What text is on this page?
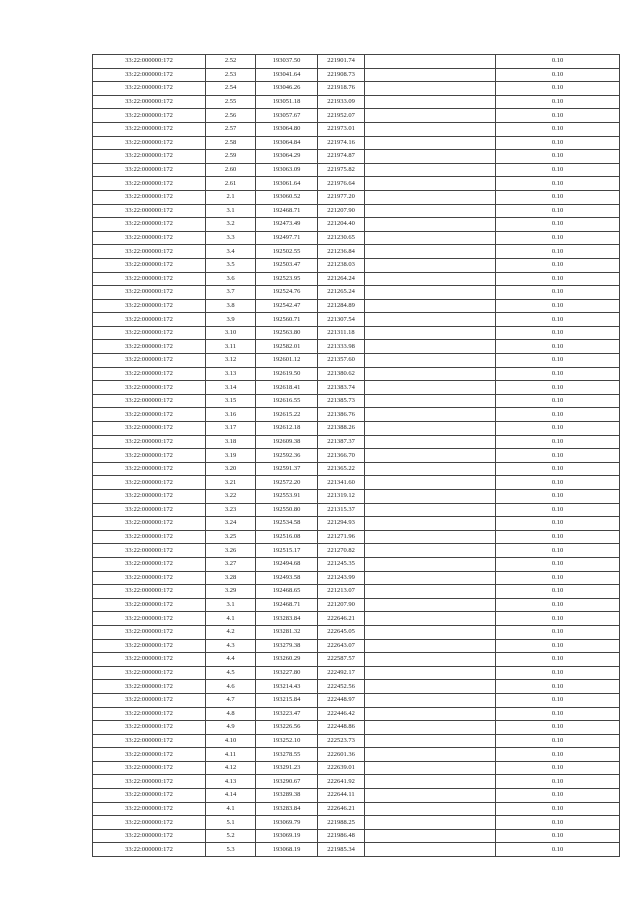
33:22:000000:172	2.52	193037.50	221901.74		0.10
33:22:000000:172	2.53	193041.64	221908.73		0.10
33:22:000000:172	2.54	193046.26	221918.76		0.10
33:22:000000:172	2.55	193051.18	221933.09		0.10
33:22:000000:172	2.56	193057.67	221952.07		0.10
33:22:000000:172	2.57	193064.80	221973.01		0.10
33:22:000000:172	2.58	193064.84	221974.16		0.10
33:22:000000:172	2.59	193064.29	221974.87		0.10
33:22:000000:172	2.60	193063.09	221975.82		0.10
33:22:000000:172	2.61	193061.64	221976.64		0.10
33:22:000000:172	2.1	193060.52	221977.20		0.10
33:22:000000:172	3.1	192468.71	221207.90		0.10
33:22:000000:172	3.2	192473.49	221204.40		0.10
33:22:000000:172	3.3	192497.71	221230.65		0.10
33:22:000000:172	3.4	192502.55	221236.84		0.10
33:22:000000:172	3.5	192503.47	221238.03		0.10
33:22:000000:172	3.6	192523.95	221264.24		0.10
33:22:000000:172	3.7	192524.76	221265.24		0.10
33:22:000000:172	3.8	192542.47	221284.89		0.10
33:22:000000:172	3.9	192560.71	221307.54		0.10
33:22:000000:172	3.10	192563.80	221311.18		0.10
33:22:000000:172	3.11	192582.01	221333.98		0.10
33:22:000000:172	3.12	192601.12	221357.60		0.10
33:22:000000:172	3.13	192619.50	221380.62		0.10
33:22:000000:172	3.14	192618.41	221383.74		0.10
33:22:000000:172	3.15	192616.55	221385.73		0.10
33:22:000000:172	3.16	192615.22	221386.76		0.10
33:22:000000:172	3.17	192612.18	221388.26		0.10
33:22:000000:172	3.18	192609.38	221387.37		0.10
33:22:000000:172	3.19	192592.36	221366.70		0.10
33:22:000000:172	3.20	192591.37	221365.22		0.10
33:22:000000:172	3.21	192572.20	221341.60		0.10
33:22:000000:172	3.22	192553.91	221319.12		0.10
33:22:000000:172	3.23	192550.80	221315.37		0.10
33:22:000000:172	3.24	192534.58	221294.93		0.10
33:22:000000:172	3.25	192516.08	221271.96		0.10
33:22:000000:172	3.26	192515.17	221270.82		0.10
33:22:000000:172	3.27	192494.68	221245.35		0.10
33:22:000000:172	3.28	192493.58	221243.99		0.10
33:22:000000:172	3.29	192468.65	221213.07		0.10
33:22:000000:172	3.1	192468.71	221207.90		0.10
33:22:000000:172	4.1	193283.84	222646.21		0.10
33:22:000000:172	4.2	193281.32	222645.05		0.10
33:22:000000:172	4.3	193279.38	222643.07		0.10
33:22:000000:172	4.4	193260.29	222587.57		0.10
33:22:000000:172	4.5	193227.80	222492.17		0.10
33:22:000000:172	4.6	193214.43	222452.56		0.10
33:22:000000:172	4.7	193215.84	222448.97		0.10
33:22:000000:172	4.8	193223.47	222446.42		0.10
33:22:000000:172	4.9	193226.56	222448.86		0.10
33:22:000000:172	4.10	193252.10	222523.73		0.10
33:22:000000:172	4.11	193278.55	222601.36		0.10
33:22:000000:172	4.12	193291.23	222639.01		0.10
33:22:000000:172	4.13	193290.67	222641.92		0.10
33:22:000000:172	4.14	193289.38	222644.11		0.10
33:22:000000:172	4.1	193283.84	222646.21		0.10
33:22:000000:172	5.1	193069.79	221988.25		0.10
33:22:000000:172	5.2	193069.19	221986.48		0.10
33:22:000000:172	5.3	193068.19	221985.34		0.10
